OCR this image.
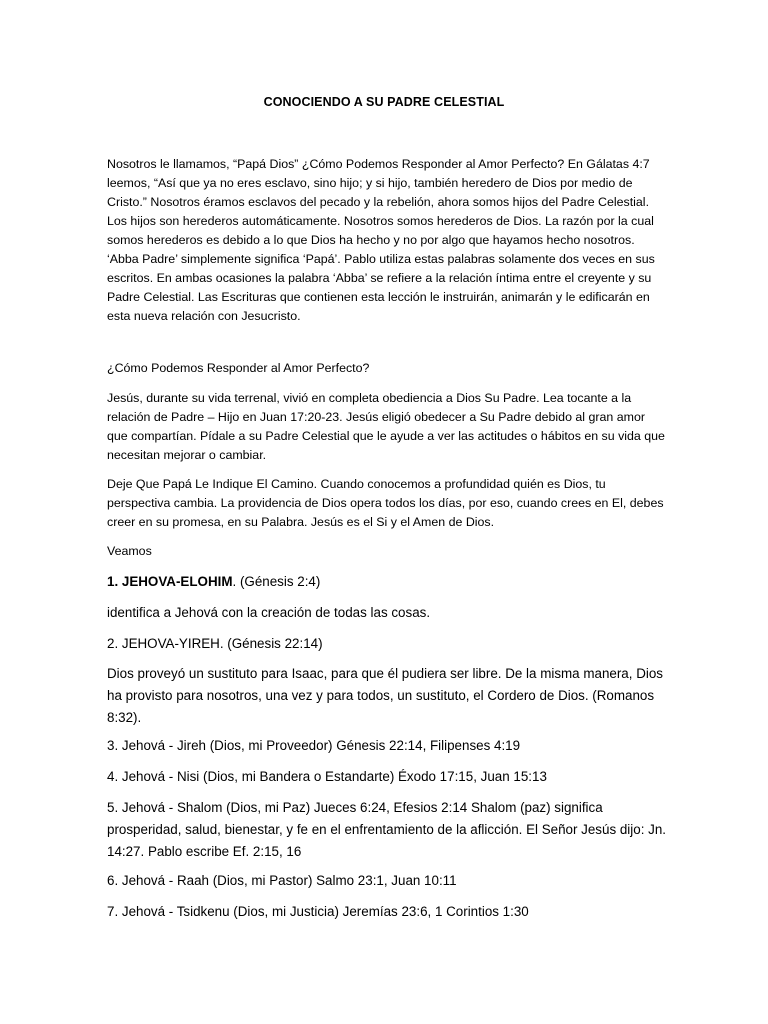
CONOCIENDO A SU PADRE CELESTIAL

Nosotros le llamamos, “Papá Dios” ¿Cómo Podemos Responder al Amor Perfecto? En Gálatas 4:7 leemos, “Así que ya no eres esclavo, sino hijo; y si hijo, también heredero de Dios por medio de Cristo.” Nosotros éramos esclavos del pecado y la rebelión, ahora somos hijos del Padre Celestial. Los hijos son herederos automáticamente. Nosotros somos herederos de Dios. La razón por la cual somos herederos es debido a lo que Dios ha hecho y no por algo que hayamos hecho nosotros. ‘Abba Padre’ simplemente significa ‘Papá’. Pablo utiliza estas palabras solamente dos veces en sus escritos. En ambas ocasiones la palabra ‘Abba’ se refiere a la relación íntima entre el creyente y su Padre Celestial. Las Escrituras que contienen esta lección le instruirán, animarán y le edificarán en esta nueva relación con Jesucristo.

¿Cómo Podemos Responder al Amor Perfecto?

Jesús, durante su vida terrenal, vivió en completa obediencia a Dios Su Padre. Lea tocante a la relación de Padre – Hijo en Juan 17:20-23. Jesús eligió obedecer a Su Padre debido al gran amor que compartían. Pídale a su Padre Celestial que le ayude a ver las actitudes o hábitos en su vida que necesitan mejorar o cambiar.

Deje Que Papá Le Indique El Camino. Cuando conocemos a profundidad quién es Dios, tu perspectiva cambia. La providencia de Dios opera todos los días, por eso, cuando crees en El, debes creer en su promesa, en su Palabra. Jesús es el Si y el Amen de Dios.

Veamos

1. JEHOVA-ELOHIM. (Génesis 2:4)

identifica a Jehová con la creación de todas las cosas.

2. JEHOVA-YIREH. (Génesis 22:14)

Dios proveyó un sustituto para Isaac, para que él pudiera ser libre. De la misma manera, Dios ha provisto para nosotros, una vez y para todos, un sustituto, el Cordero de Dios. (Romanos 8:32).

3. Jehová - Jireh (Dios, mi Proveedor) Génesis 22:14, Filipenses 4:19

4. Jehová - Nisi (Dios, mi Bandera o Estandarte) Éxodo 17:15, Juan 15:13

5. Jehová - Shalom (Dios, mi Paz) Jueces 6:24, Efesios 2:14 Shalom (paz) significa prosperidad, salud, bienestar, y fe en el enfrentamiento de la aflicción. El Señor Jesús dijo: Jn. 14:27. Pablo escribe Ef. 2:15, 16

6. Jehová - Raah (Dios, mi Pastor) Salmo 23:1, Juan 10:11

7. Jehová - Tsidkenu (Dios, mi Justicia) Jeremías 23:6, 1 Corintios 1:30
